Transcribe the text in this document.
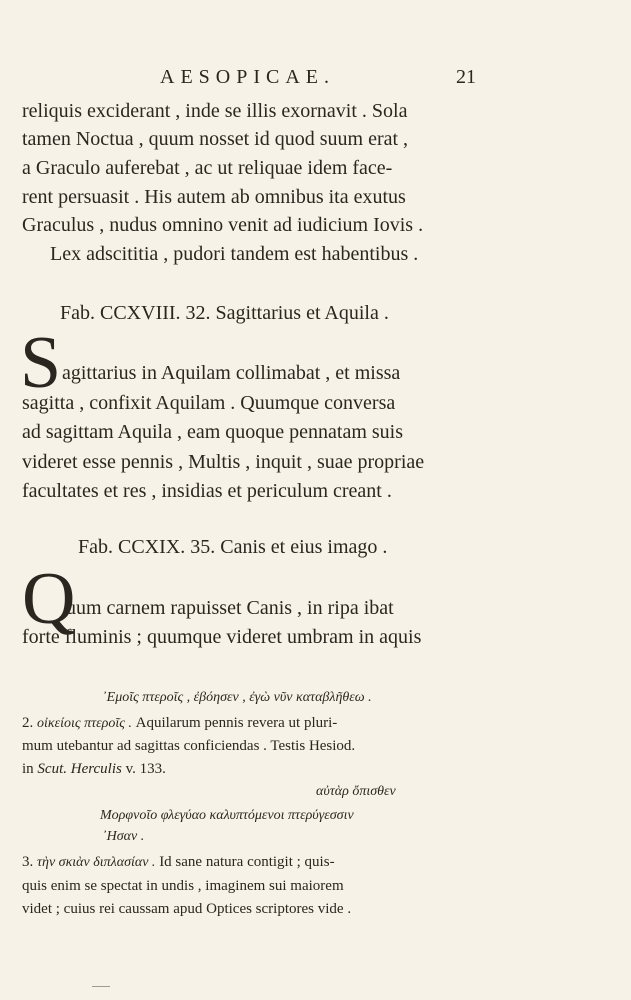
AESOPICAE.	21
reliquis exciderant , inde se illis exornavit . Sola
tamen Noctua , quum nosset id quod suum erat ,
a Graculo auferebat , ac ut reliquae idem face-
rent persuasit . His autem ab omnibus ita exutus
Graculus , nudus omnino venit ad iudicium Iovis .
Lex adscititia , pudori tandem est habentibus .
Fab. CCXVIII. 32. Sagittarius et Aquila .
S agittarius in Aquilam collimabat , et missa
sagitta , confixit Aquilam . Quumque conversa
ad sagittam Aquila , eam quoque pennatam suis
videret esse pennis , Multis , inquit , suae propriae
facultates et res , insidias et periculum creant .
Fab. CCXIX. 35. Canis et eius imago .
Q
uum carnem rapuisset Canis , in ripa ibat
forte fluminis ; quumque videret umbram in aquis
᾿Εμοῖς πτεροῖς , ἐβόησεν , ἐγὼ νῦν καταβλῆθεω .
2. οἰκείοις πτεροῖς . Aquilarum pennis revera ut pluri-
mum utebantur ad sagittas conficiendas . Testis Hesiod.
in Scut. Herculis v. 133.
αὐτὰρ ὄπισθεν
Μορφνοῖο φλεγύαο καλυπτόμενοι πτερύγεσσιν
᾿Ησαν .
3. τὴν σκιὰν διπλασίαν . Id sane natura contigit ; quis-
quis enim se spectat in undis , imaginem sui maiorem
videt ; cuius rei caussam apud Optices scriptores vide .
